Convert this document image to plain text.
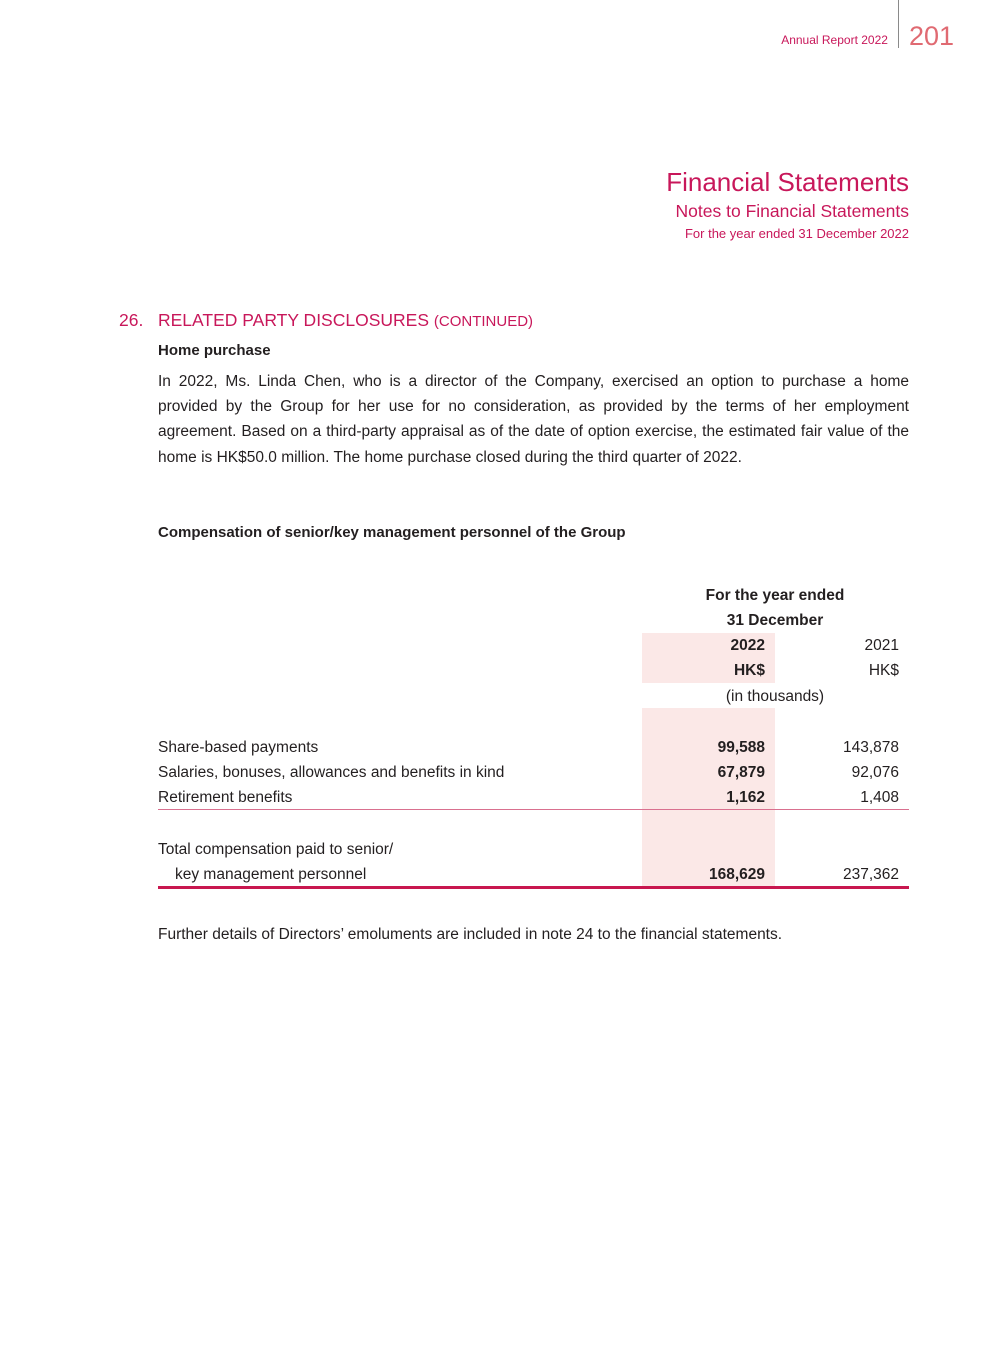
Annual Report 2022 201
Financial Statements
Notes to Financial Statements
For the year ended 31 December 2022
26. RELATED PARTY DISCLOSURES (CONTINUED)
Home purchase
In 2022, Ms. Linda Chen, who is a director of the Company, exercised an option to purchase a home provided by the Group for her use for no consideration, as provided by the terms of her employment agreement. Based on a third-party appraisal as of the date of option exercise, the estimated fair value of the home is HK$50.0 million. The home purchase closed during the third quarter of 2022.
Compensation of senior/key management personnel of the Group
For the year ended
31 December
2022	2021
HK$	HK$
(in thousands)
Share-based payments	99,588	143,878
Salaries, bonuses, allowances and benefits in kind	67,879	92,076
Retirement benefits	1,162	1,408
Total compensation paid to senior/
key management personnel	168,629	237,362
Further details of Directors’ emoluments are included in note 24 to the financial statements.
